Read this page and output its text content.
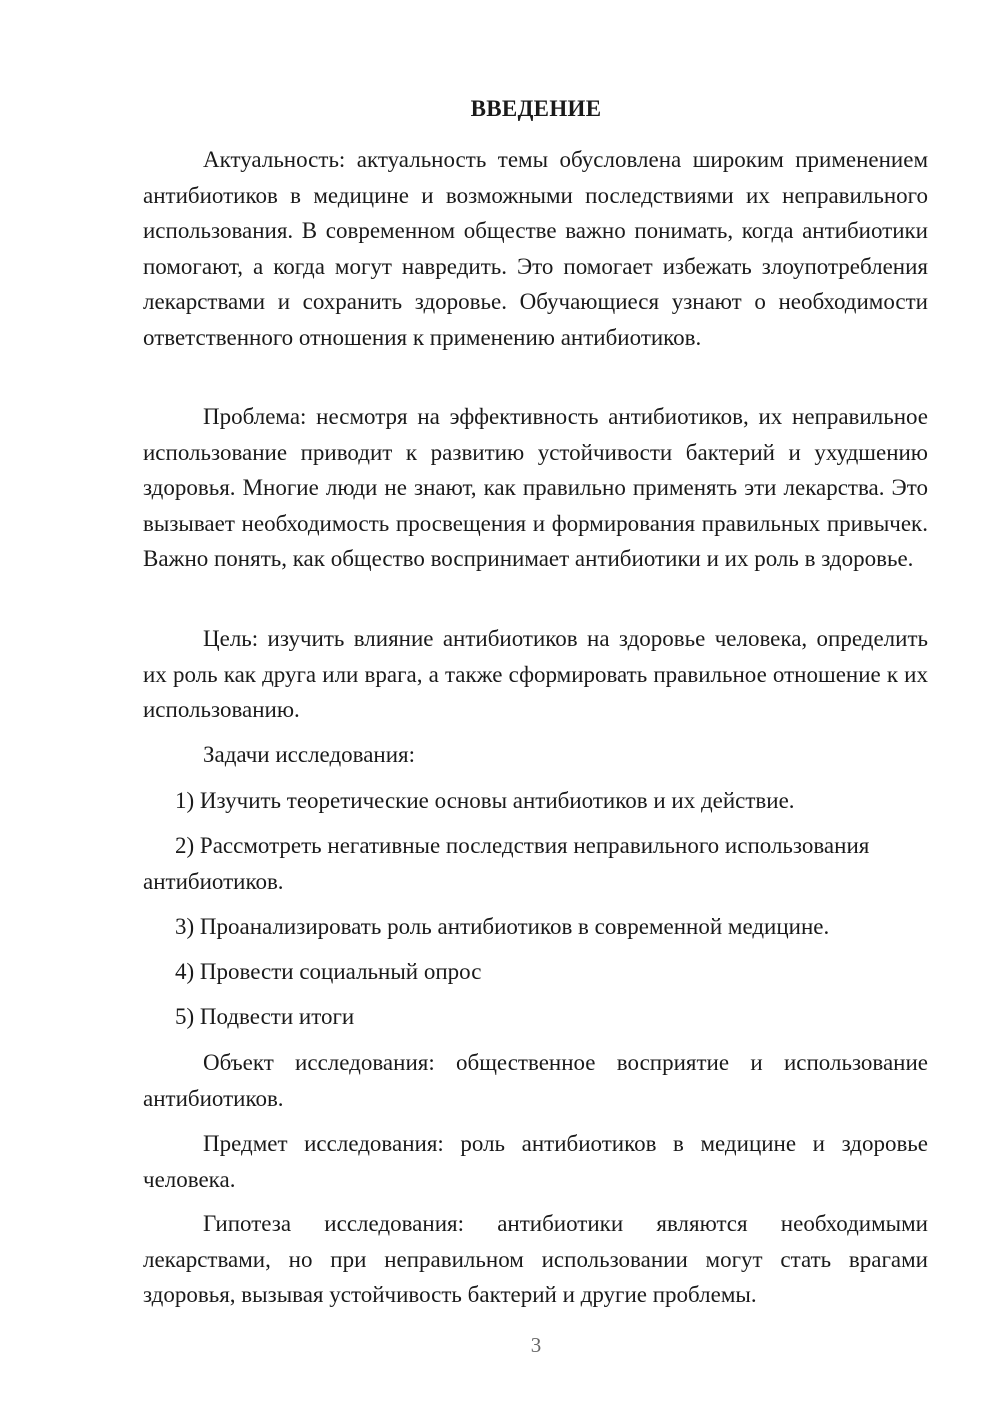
ВВЕДЕНИЕ
Актуальность: актуальность темы обусловлена широким применением антибиотиков в медицине и возможными последствиями их неправильного использования. В современном обществе важно понимать, когда антибиотики помогают, а когда могут навредить. Это помогает избежать злоупотребления лекарствами и сохранить здоровье. Обучающиеся узнают о необходимости ответственного отношения к применению антибиотиков.
Проблема: несмотря на эффективность антибиотиков, их неправильное использование приводит к развитию устойчивости бактерий и ухудшению здоровья. Многие люди не знают, как правильно применять эти лекарства. Это вызывает необходимость просвещения и формирования правильных привычек. Важно понять, как общество воспринимает антибиотики и их роль в здоровье.
Цель: изучить влияние антибиотиков на здоровье человека, определить их роль как друга или врага, а также сформировать правильное отношение к их использованию.
Задачи исследования:
1) Изучить теоретические основы антибиотиков и их действие.
2) Рассмотреть негативные последствия неправильного использования антибиотиков.
3) Проанализировать роль антибиотиков в современной медицине.
4) Провести социальный опрос
5) Подвести итоги
Объект исследования: общественное восприятие и использование антибиотиков.
Предмет исследования: роль антибиотиков в медицине и здоровье человека.
Гипотеза исследования: антибиотики являются необходимыми лекарствами, но при неправильном использовании могут стать врагами здоровья, вызывая устойчивость бактерий и другие проблемы.
3
